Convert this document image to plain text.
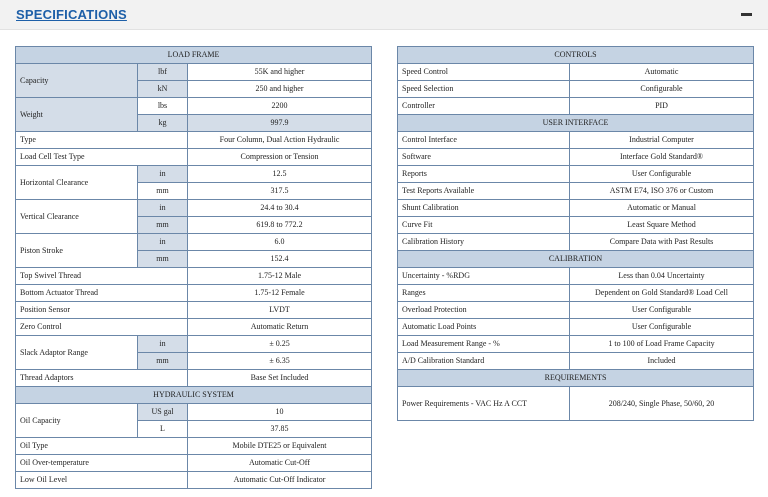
SPECIFICATIONS
LOAD FRAME		
Capacity	lbf	55K and higher
	kN	250 and higher
Weight	lbs	2200
	kg	997.9
Type		Four Column, Dual Action Hydraulic
Load Cell Test Type		Compression or Tension
Horizontal Clearance	in	12.5
	mm	317.5
Vertical Clearance	in	24.4 to 30.4
	mm	619.8 to 772.2
Piston Stroke	in	6.0
	mm	152.4
Top Swivel Thread		1.75-12 Male
Bottom Actuator Thread		1.75-12 Female
Position Sensor		LVDT
Zero Control		Automatic Return
Slack Adaptor Range	in	± 0.25
	mm	± 6.35
Thread Adaptors		Base Set Included
HYDRAULIC SYSTEM		
Oil Capacity	US gal	10
	L	37.85
Oil Type		Mobile DTE25 or Equivalent
Oil Over-temperature		Automatic Cut-Off
Low Oil Level		Automatic Cut-Off Indicator
CONTROLS	
Speed Control	Automatic
Speed Selection	Configurable
Controller	PID
USER INTERFACE	
Control Interface	Industrial Computer
Software	Interface Gold Standard®
Reports	User Configurable
Test Reports Available	ASTM E74, ISO 376 or Custom
Shunt Calibration	Automatic or Manual
Curve Fit	Least Square Method
Calibration History	Compare Data with Past Results
CALIBRATION	
Uncertainty - %RDG	Less than 0.04 Uncertainty
Ranges	Dependent on Gold Standard® Load Cell
Overload Protection	User Configurable
Automatic Load Points	User Configurable
Load Measurement Range - %	1 to 100 of Load Frame Capacity
A/D Calibration Standard	Included
REQUIREMENTS	
Power Requirements - VAC Hz A CCT	208/240, Single Phase, 50/60, 20
